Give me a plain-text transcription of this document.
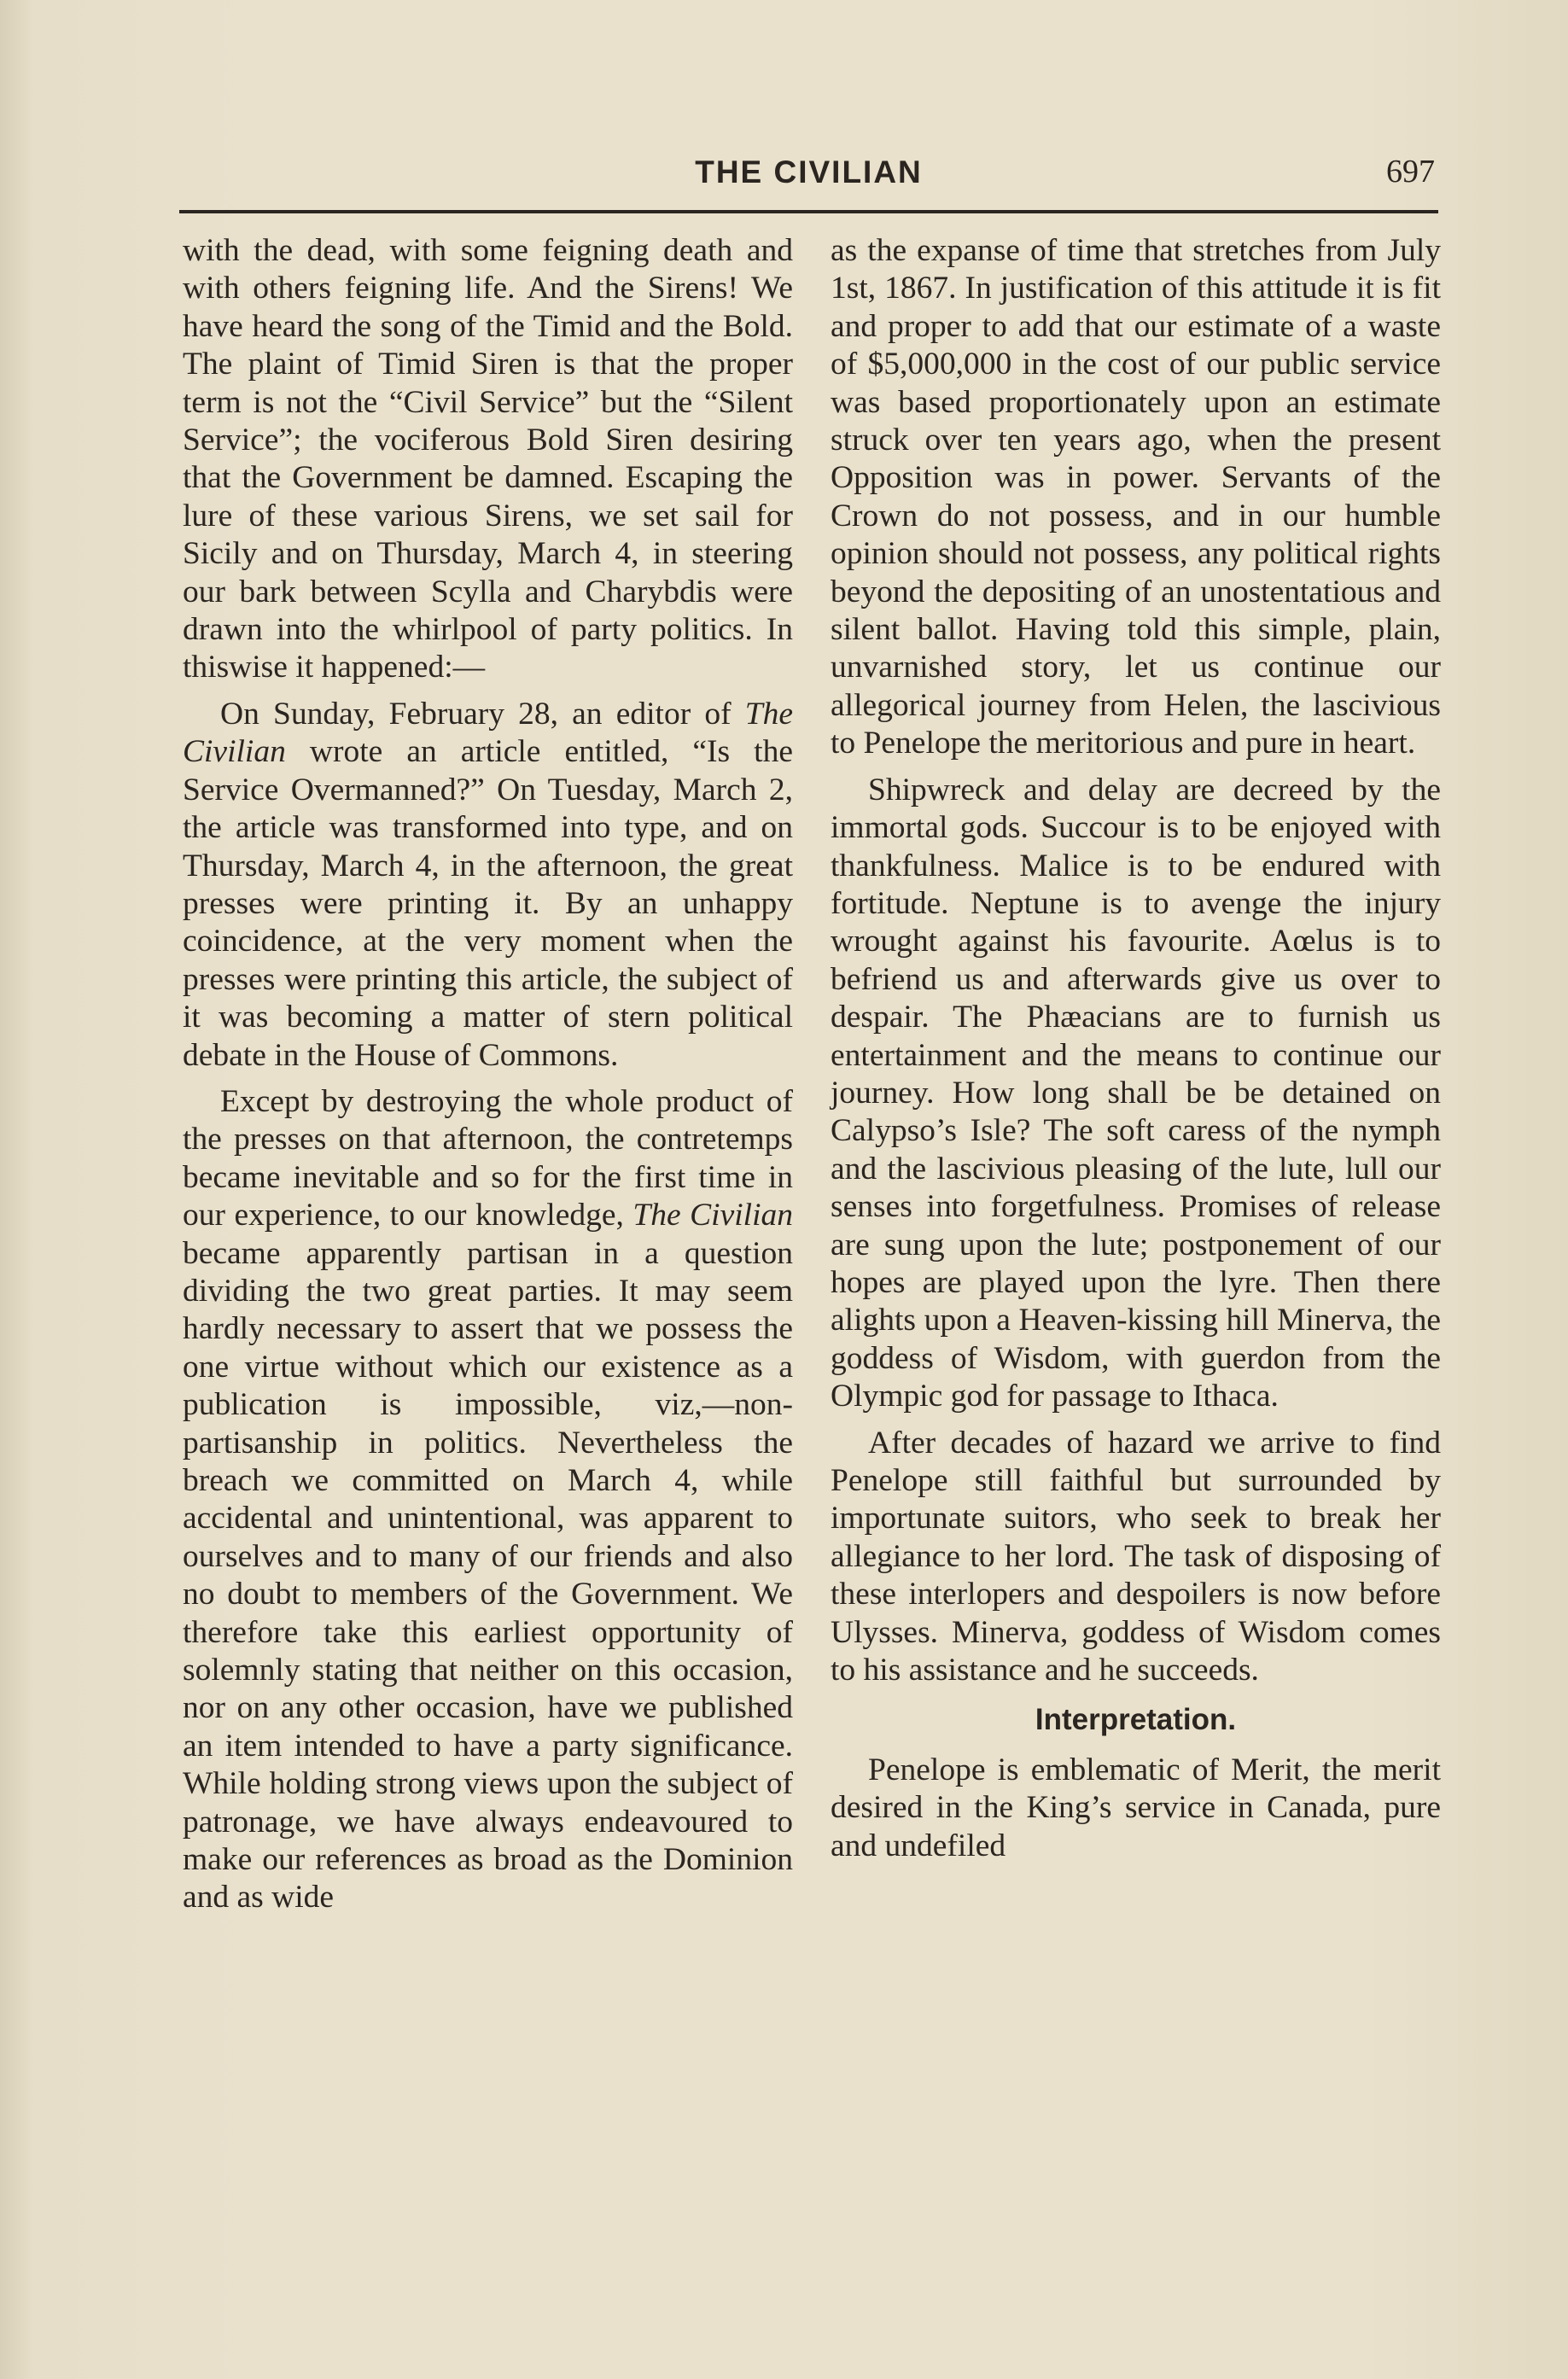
THE CIVILIAN	697

with the dead, with some feigning death and with others feigning life. And the Sirens! We have heard the song of the Timid and the Bold. The plaint of Timid Siren is that the proper term is not the “Civil Service” but the “Silent Service”; the vociferous Bold Siren desiring that the Government be damned. Escaping the lure of these various Sirens, we set sail for Sicily and on Thursday, March 4, in steering our bark between Scylla and Charybdis were drawn into the whirlpool of party politics. In thiswise it happened:—

On Sunday, February 28, an editor of The Civilian wrote an article entitled, “Is the Service Overmanned?” On Tuesday, March 2, the article was transformed into type, and on Thursday, March 4, in the afternoon, the great presses were printing it. By an unhappy coincidence, at the very moment when the presses were printing this article, the subject of it was becoming a matter of stern political debate in the House of Commons.

Except by destroying the whole product of the presses on that afternoon, the contretemps became inevitable and so for the first time in our experience, to our knowledge, The Civilian became apparently partisan in a question dividing the two great parties. It may seem hardly necessary to assert that we possess the one virtue without which our existence as a publication is impossible, viz,—non-partisanship in politics. Nevertheless the breach we committed on March 4, while accidental and unintentional, was apparent to ourselves and to many of our friends and also no doubt to members of the Government. We therefore take this earliest opportunity of solemnly stating that neither on this occasion, nor on any other occasion, have we published an item intended to have a party significance. While holding strong views upon the subject of patronage, we have always endeavoured to make our references as broad as the Dominion and as wide

as the expanse of time that stretches from July 1st, 1867. In justification of this attitude it is fit and proper to add that our estimate of a waste of $5,000,000 in the cost of our public service was based proportionately upon an estimate struck over ten years ago, when the present Opposition was in power. Servants of the Crown do not possess, and in our humble opinion should not possess, any political rights beyond the depositing of an unostentatious and silent ballot. Having told this simple, plain, unvarnished story, let us continue our allegorical journey from Helen, the lascivious to Penelope the meritorious and pure in heart.

Shipwreck and delay are decreed by the immortal gods. Succour is to be enjoyed with thankfulness. Malice is to be endured with fortitude. Neptune is to avenge the injury wrought against his favourite. Aœlus is to befriend us and afterwards give us over to despair. The Phæacians are to furnish us entertainment and the means to continue our journey. How long shall be be detained on Calypso’s Isle? The soft caress of the nymph and the lascivious pleasing of the lute, lull our senses into forgetfulness. Promises of release are sung upon the lute; postponement of our hopes are played upon the lyre. Then there alights upon a Heaven-kissing hill Minerva, the goddess of Wisdom, with guerdon from the Olympic god for passage to Ithaca.

After decades of hazard we arrive to find Penelope still faithful but surrounded by importunate suitors, who seek to break her allegiance to her lord. The task of disposing of these interlopers and despoilers is now before Ulysses. Minerva, goddess of Wisdom comes to his assistance and he succeeds.

Interpretation.

Penelope is emblematic of Merit, the merit desired in the King’s service in Canada, pure and undefiled
